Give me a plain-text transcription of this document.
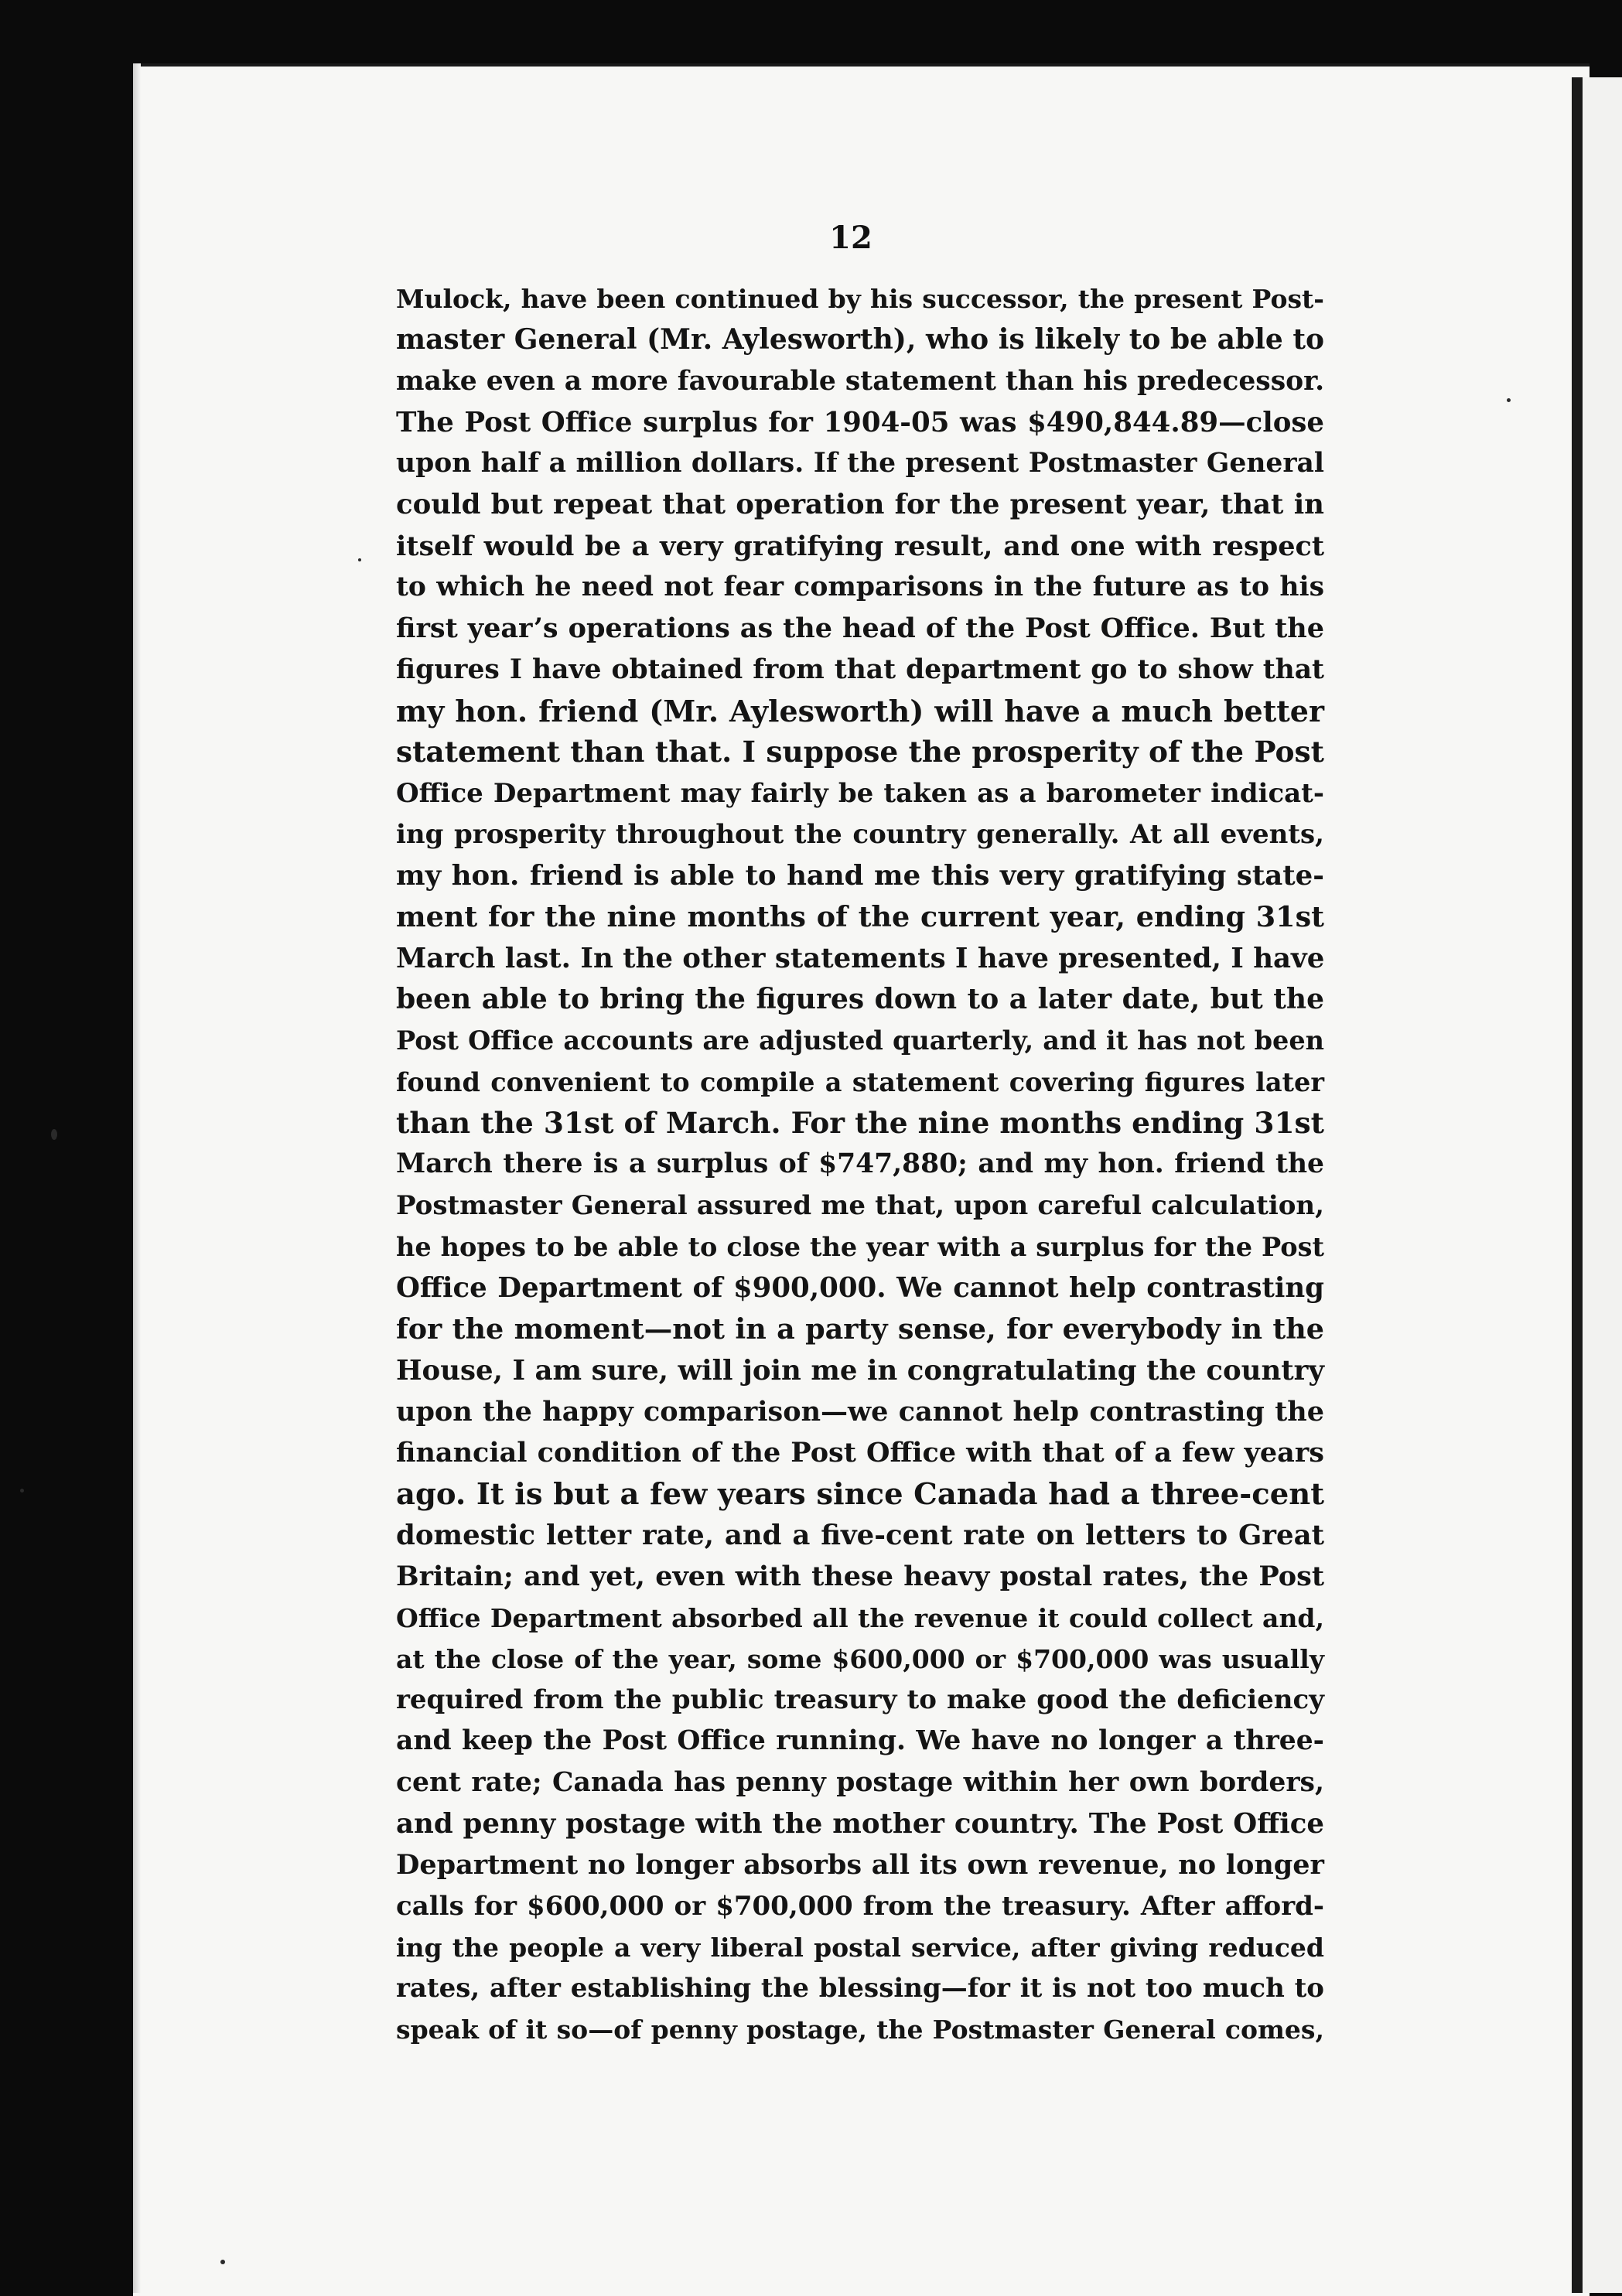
12
Mulock, have been continued by his successor, the present Post-
master General (Mr. Aylesworth), who is likely to be able to
make even a more favourable statement than his predecessor.
The Post Office surplus for 1904-05 was $490,844.89—close
upon half a million dollars. If the present Postmaster General
could but repeat that operation for the present year, that in
itself would be a very gratifying result, and one with respect
to which he need not fear comparisons in the future as to his
first year’s operations as the head of the Post Office. But the
figures I have obtained from that department go to show that
my hon. friend (Mr. Aylesworth) will have a much better
statement than that. I suppose the prosperity of the Post
Office Department may fairly be taken as a barometer indicat-
ing prosperity throughout the country generally. At all events,
my hon. friend is able to hand me this very gratifying state-
ment for the nine months of the current year, ending 31st
March last. In the other statements I have presented, I have
been able to bring the figures down to a later date, but the
Post Office accounts are adjusted quarterly, and it has not been
found convenient to compile a statement covering figures later
than the 31st of March. For the nine months ending 31st
March there is a surplus of $747,880; and my hon. friend the
Postmaster General assured me that, upon careful calculation,
he hopes to be able to close the year with a surplus for the Post
Office Department of $900,000. We cannot help contrasting
for the moment—not in a party sense, for everybody in the
House, I am sure, will join me in congratulating the country
upon the happy comparison—we cannot help contrasting the
financial condition of the Post Office with that of a few years
ago. It is but a few years since Canada had a three-cent
domestic letter rate, and a five-cent rate on letters to Great
Britain; and yet, even with these heavy postal rates, the Post
Office Department absorbed all the revenue it could collect and,
at the close of the year, some $600,000 or $700,000 was usually
required from the public treasury to make good the deficiency
and keep the Post Office running. We have no longer a three-
cent rate; Canada has penny postage within her own borders,
and penny postage with the mother country. The Post Office
Department no longer absorbs all its own revenue, no longer
calls for $600,000 or $700,000 from the treasury. After afford-
ing the people a very liberal postal service, after giving reduced
rates, after establishing the blessing—for it is not too much to
speak of it so—of penny postage, the Postmaster General comes,
